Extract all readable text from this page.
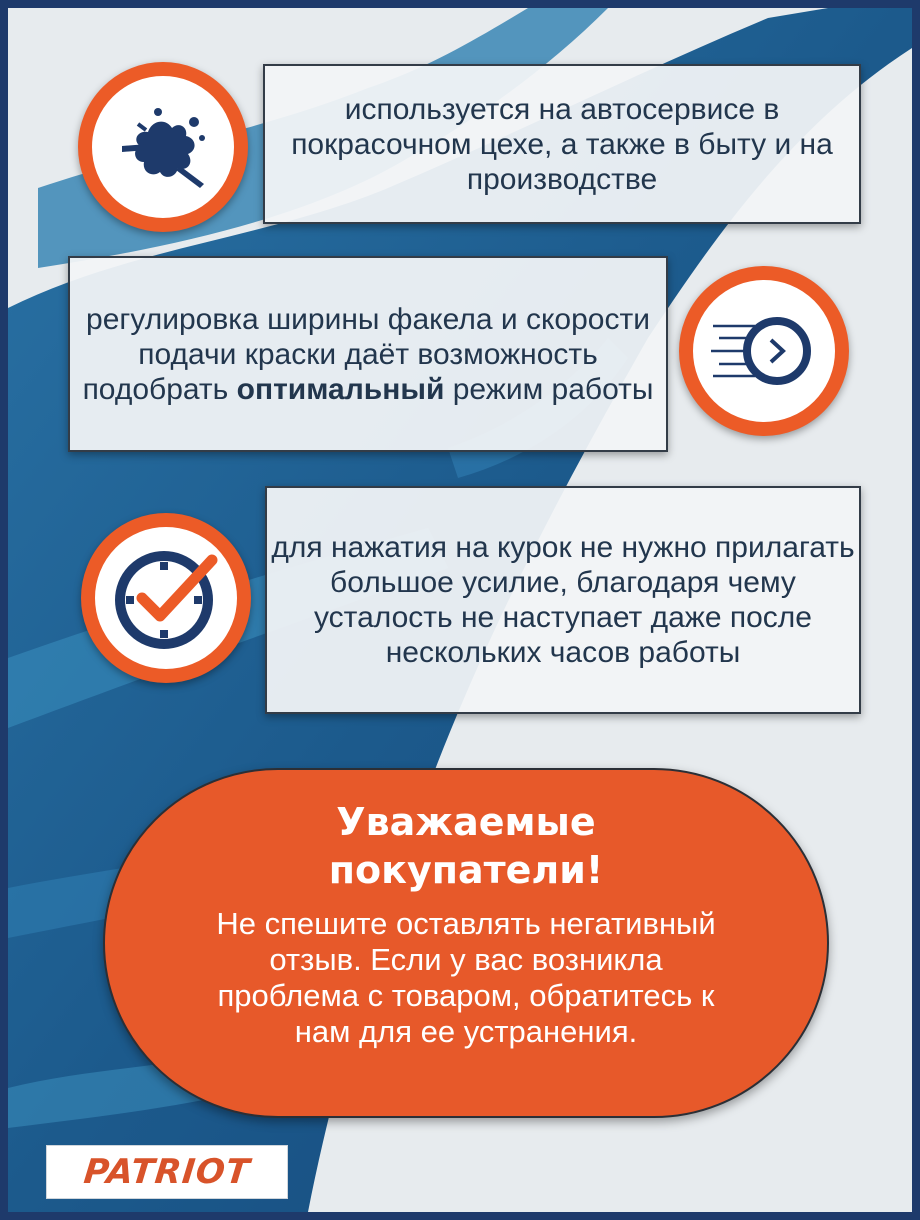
используется на автосервисе в покрасочном цехе, а также в быту и на производстве
регулировка ширины факела и скорости подачи краски даёт возможность подобрать оптимальный режим работы
для нажатия на курок не нужно прилагать большое усилие, благодаря чему усталость не наступает даже после нескольких часов работы
Уважаемые
покупатели!
Не спешите оставлять негативный отзыв. Если у вас возникла проблема с товаром, обратитесь к нам для ее устранения.
PATRIOT
